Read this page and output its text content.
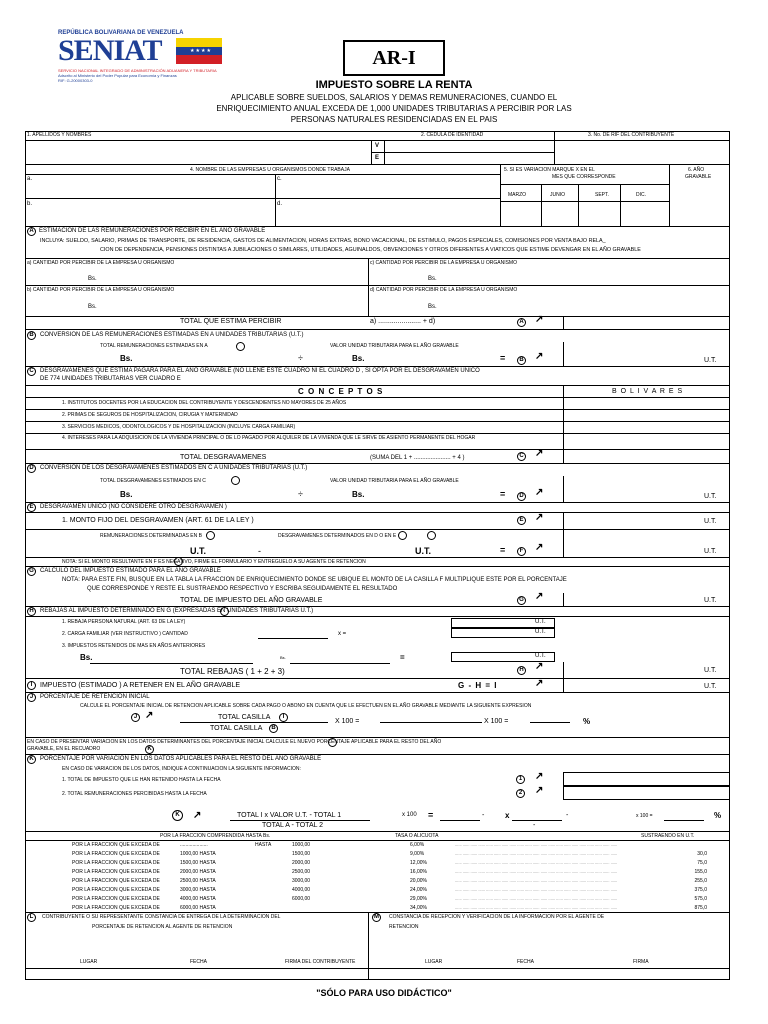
REPÚBLICA BOLIVARIANA DE VENEZUELA
SENIAT	★★★★
SERVICIO NACIONAL INTEGRADO DE ADMINISTRACIÓN ADUANERA Y TRIBUTARIA
Adscrito al Ministerio del Poder Popular para Economía y Finanzas
RIF: G-20000303-0
AR-I
IMPUESTO SOBRE LA RENTA
APLICABLE SOBRE SUELDOS, SALARIOS Y DEMAS REMUNERACIONES, CUANDO EL
ENRIQUECIMIENTO ANUAL EXCEDA DE 1,000 UNIDADES TRIBUTARIAS A PERCIBIR POR LAS
PERSONAS NATURALES RESIDENCIADAS EN EL PAIS
1. APELLIDOS Y NOMBRES	2. CÉDULA DE IDENTIDAD	3. No. DE RIF DEL CONTRIBUYENTE
V
E
4. NOMBRE DE LAS EMPRESAS U ORGANISMOS DONDE TRABAJA	5. SI ES VARIACION MARQUE X EN EL
MES QUE CORRESPONDE
6. AÑO
GRAVABLE
MARZO	JUNIO	SEPT.	DIC.
a.	c.
b.	d.
A ESTIMACION DE LAS REMUNERACIONES POR RECIBIR EN EL AÑO GRAVABLE
INCLUYA: SUELDO, SALARIO, PRIMAS DE TRANSPORTE, DE RESIDENCIA, GASTOS DE ALIMENTACION, HORAS EXTRAS, BONO VACACIONAL, DE ESTIMULO, PAGOS ESPECIALES, COMISIONES POR VENTA BAJO RELA_
CION DE DEPENDENCIA, PENSIONES DISTINTAS A JUBILACIONES O SIMILARES, UTILIDADES, AGUINALDOS, OBVENCIONES Y OTROS DIFERENTES A VIATICOS QUE ESTIME DEVENGAR EN EL AÑO GRAVABLE
a) CANTIDAD POR PERCIBIR DE LA EMPRESA U ORGANISMO	c) CANTIDAD POR PERCIBIR DE LA EMPRESA U ORGANISMO
Bs.	Bs.
b) CANTIDAD POR PERCIBIR DE LA EMPRESA U ORGANISMO	d) CANTIDAD POR PERCIBIR DE LA EMPRESA U ORGANISMO
Bs.	Bs.
TOTAL QUE ESTIMA PERCIBIR	a) ...................... + d)	A ↗
B	CONVERSION DE LAS REMUNERACIONES ESTIMADAS EN A UNIDADES TRIBUTARIAS (U.T.)
TOTAL REMUNERACIONES ESTIMADAS EN A	VALOR UNIDAD TRIBUTARIA PARA EL AÑO GRAVABLE
Bs.	÷	Bs.	=	B ↗	U.T.
C	DESGRAVAMENES QUE ESTIMA PAGARA PARA EL AÑO GRAVABLE (NO LLENE ESTE CUADRO NI EL CUADRO D , SI OPTA POR EL DESGRAVAMEN UNICO
DE 774 UNIDADES TRIBUTARIAS VER CUADRO E
C O N C E P T O S	B O L I V A R E S
1. INSTITUTOS DOCENTES POR LA EDUCACION DEL CONTRIBUYENTE Y DESCENDIENTES NO MAYORES DE 25 AÑOS
2. PRIMAS DE SEGUROS DE HOSPITALIZACION, CIRUGIA Y MATERNIDAD
3. SERVICIOS MEDICOS, ODONTOLOGICOS Y DE HOSPITALIZACION (INCLUYE CARGA FAMILIAR)
4. INTERESES PARA LA ADQUISICION DE LA VIVIENDA PRINCIPAL O DE LO PAGADO POR ALQUILER DE LA VIVIENDA QUE LE SIRVE DE ASIENTO PERMANENTE DEL HOGAR
TOTAL DESGRAVAMENES	(SUMA DEL 1 + ...................... + 4 )	C ↗
D	CONVERSION DE LOS DESGRAVAMENES ESTIMADOS EN C A UNIDADES TRIBUTARIAS (U.T.)
TOTAL DESGRAVAMENES ESTIMADOS EN C	VALOR UNIDAD TRIBUTARIA PARA EL AÑO GRAVABLE
Bs.	÷	Bs.	=	D ↗	U.T.
E	DESGRAVAMEN UNICO (NO CONSIDERE OTRO DESGRAVAMEN )
1. MONTO FIJO DEL DESGRAVAMEN (ART. 61 DE LA LEY )	E ↗	U.T.
REMUNERACIONES DETERMINADAS EN B	DESGRAVAMENES DETERMINADOS EN D O EN E
U.T.	-	U.T.	=	F ↗	U.T.
NOTA: SI EL MONTO RESULTANTE EN F ES NEGATIVO, FIRME EL FORMULARIO Y ENTREGUELO A SU AGENTE DE RETENCION
G	CALCULO DEL IMPUESTO ESTIMADO PARA EL AÑO GRAVABLE
NOTA: PARA ESTE FIN, BUSQUE EN LA TABLA LA FRACCION DE ENRIQUECIMIENTO DONDE SE UBIQUE EL MONTO DE LA CASILLA F MULTIPLIQUE ESTE POR EL PORCENTAJE
QUE CORRESPONDE Y RESTE EL SUSTRAENDO RESPECTIVO Y ESCRIBA SEGUIDAMENTE EL RESULTADO
TOTAL DE IMPUESTO DEL AÑO GRAVABLE	G ↗	U.T.
H	REBAJAS AL IMPUESTO DETERMINADO EN G (EXPRESADAS EN UNIDADES TRIBUTARIAS U.T.)
U.T.
U.T.
1. REBAJA PERSONA NATURAL (ART. 63 DE LA LEY)
2. CARGA FAMILIAR (VER INSTRUCTIVO ) CANTIDAD	x =
3. IMPUESTOS RETENIDOS DE MAS EN AÑOS ANTERIORES
Bs.	Bs.	=	U.T.
TOTAL REBAJAS ( 1 + 2 + 3)	H ↗	U.T.
I	IMPUESTO (ESTIMADO ) A RETENER EN EL AÑO GRAVABLE	G - H = I	↗	U.T.
J	PORCENTAJE DE RETENCION INICIAL
CALCULE EL PORCENTAJE INICIAL DE RETENCION APLICABLE SOBRE CADA PAGO O ABONO EN CUENTA QUE LE EFECTUEN EN EL AÑO GRAVABLE MEDIANTE LA SIGUIENTE EXPRESION
J ↗	TOTAL CASILLA	I
X 100 =	X 100 =	%
TOTAL CASILLA	B
EN CASO DE PRESENTAR VARIACION EN LOS DATOS DETERMINANTES DEL PORCENTAJE INICIAL CALCULE EL NUEVO PORCENTAJE APLICABLE PARA EL RESTO DEL AÑO
GRAVABLE, EN EL RECUADRO	K
K	PORCENTAJE POR VARIACION EN LOS DATOS APLICABLES PARA EL RESTO DEL AÑO GRAVABLE
EN CASO DE VARIACION DE LOS DATOS, INDIQUE A CONTINUACION LA SIGUIENTE INFORMACION:
1. TOTAL DE IMPUESTO QUE LE HAN RETENIDO HASTA LA FECHA	1 ↗
2. TOTAL REMUNERACIONES PERCIBIDAS HASTA LA FECHA	2 ↗
K	↗	TOTAL I x VALOR U.T. - TOTAL 1	x 100 =	-	x	-	x 100 =	%
TOTAL A - TOTAL 2	-
POR LA FRACCION COMPRENDIDA HASTA Bs.	TASA O ALICUOTA	SUSTRAENDO EN U.T.
POR LA FRACCION QUE EXCEDA DE	....................	HASTA	1000,00	6,00%	...... ...... ...... ...... ...... ...... ...... ...... ...... ...... ...... ...... ...... ...... ...... ...... ...... ...... ...... ...... ......
POR LA FRACCION QUE EXCEDA DE	1000,00 HASTA	1500,00	9,00%	...... ...... ...... ...... ...... ...... ...... ...... ...... ...... ...... ...... ...... ...... ...... ...... ...... ...... ...... ...... ......	30,0
POR LA FRACCION QUE EXCEDA DE	1500,00 HASTA	2000,00	12,00%	...... ...... ...... ...... ...... ...... ...... ...... ...... ...... ...... ...... ...... ...... ...... ...... ...... ...... ...... ...... ......	75,0
POR LA FRACCION QUE EXCEDA DE	2000,00 HASTA	2500,00	16,00%	...... ...... ...... ...... ...... ...... ...... ...... ...... ...... ...... ...... ...... ...... ...... ...... ...... ...... ...... ...... ......	155,0
POR LA FRACCION QUE EXCEDA DE	2500,00 HASTA	3000,00	20,00%	...... ...... ...... ...... ...... ...... ...... ...... ...... ...... ...... ...... ...... ...... ...... ...... ...... ...... ...... ...... ......	255,0
POR LA FRACCION QUE EXCEDA DE	3000,00 HASTA	4000,00	24,00%	...... ...... ...... ...... ...... ...... ...... ...... ...... ...... ...... ...... ...... ...... ...... ...... ...... ...... ...... ...... ......	375,0
POR LA FRACCION QUE EXCEDA DE	4000,00 HASTA	6000,00	29,00%	...... ...... ...... ...... ...... ...... ...... ...... ...... ...... ...... ...... ...... ...... ...... ...... ...... ...... ...... ...... ......	575,0
POR LA FRACCION QUE EXCEDA DE	6000,00 HASTA	34,00%	...... ...... ...... ...... ...... ...... ...... ...... ...... ...... ...... ...... ...... ...... ...... ...... ...... ...... ...... ...... ......	875,0
L	CONTRIBUYENTE O SU REPRESENTANTE CONSTANCIA DE ENTREGA DE LA DETERMINACION DEL
PORCENTAJE DE RETENCION AL AGENTE DE RETENCION
M	CONSTANCIA DE RECEPCION Y VERIFICACION DE LA INFORMACION POR EL AGENTE DE
RETENCION
LUGAR	FECHA	FIRMA DEL CONTRIBUYENTE	LUGAR	FECHA	FIRMA
"SÓLO PARA USO DIDÁCTICO"
